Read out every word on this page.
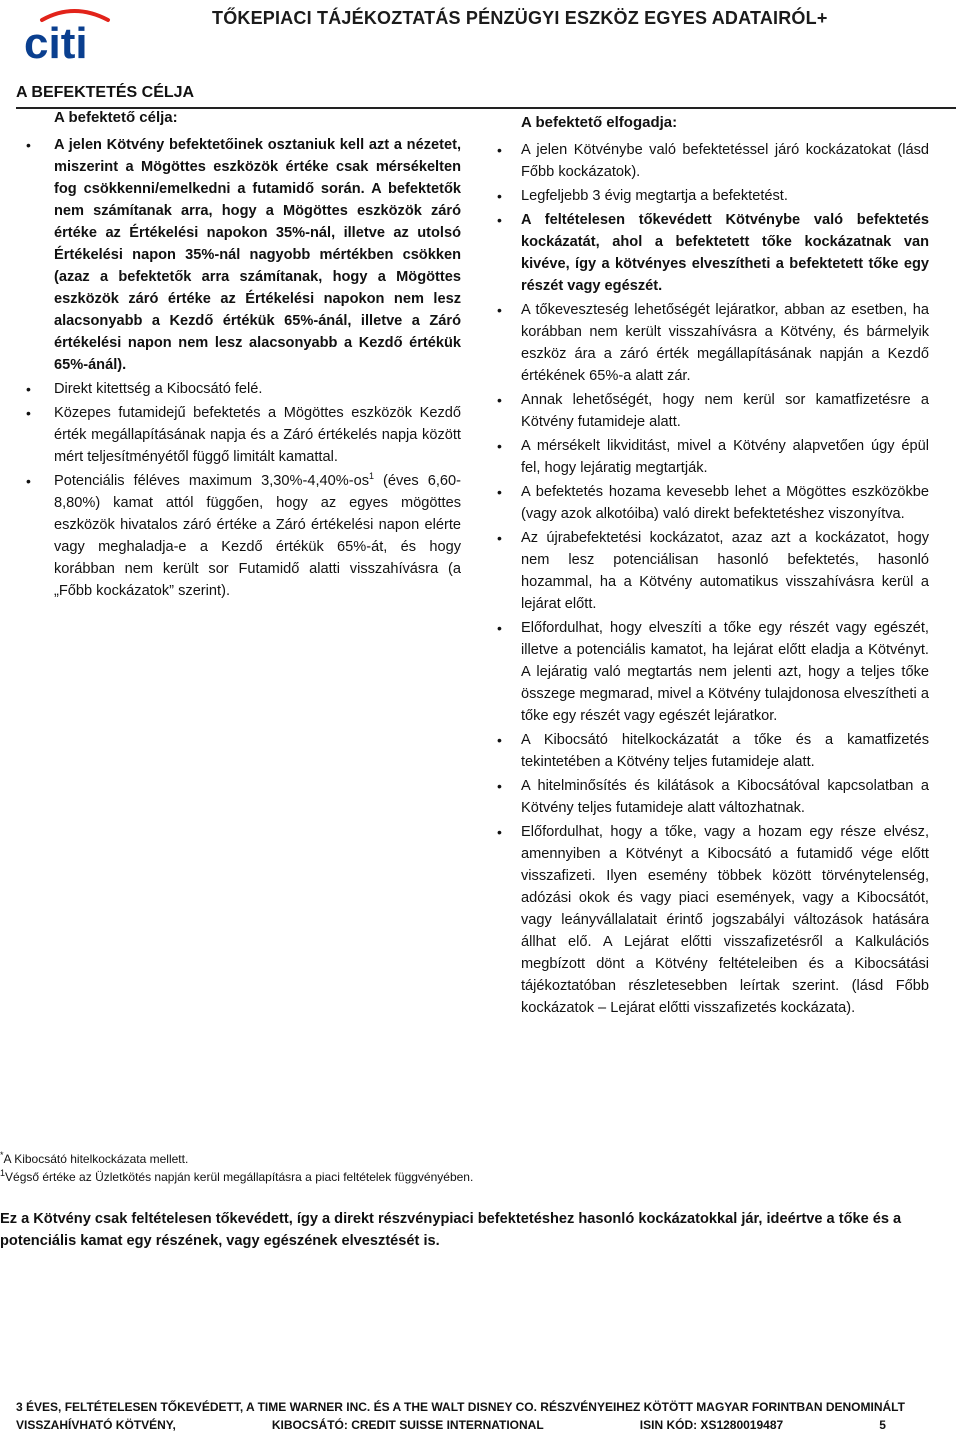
citi
TŐKEPIACI TÁJÉKOZTATÁS PÉNZÜGYI ESZKÖZ EGYES ADATAIRÓL+
A BEFEKTETÉS CÉLJA
A befektető célja:
• A jelen Kötvény befektetőinek osztaniuk kell azt a nézetet, miszerint a Mögöttes eszközök értéke csak mérsékelten fog csökkenni/emelkedni a futamidő során. A befektetők nem számítanak arra, hogy a Mögöttes eszközök záró értéke az Értékelési napokon 35%-nál, illetve az utolsó Értékelési napon 35%-nál nagyobb mértékben csökken (azaz a befektetők arra számítanak, hogy a Mögöttes eszközök záró értéke az Értékelési napokon nem lesz alacsonyabb a Kezdő értékük 65%-ánál, illetve a Záró értékelési napon nem lesz alacsonyabb a Kezdő értékük 65%-ánál).
• Direkt kitettség a Kibocsátó felé.
• Közepes futamidejű befektetés a Mögöttes eszközök Kezdő érték megállapításának napja és a Záró értékelés napja között mért teljesítményétől függő limitált kamattal.
• Potenciális féléves maximum $3,30\%-4,40\%-os^1$ (éves 6,60-8,80%) kamat attól függően, hogy az egyes mögöttes eszközök hivatalos záró értéke a Záró értékelési napon elérte vagy meghaladja-e a Kezdő értékük 65%-át, és hogy korábban nem került sor Futamidő alatti visszahívásra (a „Főbb kockázatok” szerint).
A befektető elfogadja:
• A jelen Kötvénybe való befektetéssel járó kockázatokat (lásd Főbb kockázatok).
• Legfeljebb 3 évig megtartja a befektetést.
• A feltételesen tőkevédett Kötvénybe való befektetés kockázatát, ahol a befektetett tőke kockázatnak van kivéve, így a kötvényes elveszítheti a befektetett tőke egy részét vagy egészét.
• A tőkeveszteség lehetőségét lejáratkor, abban az esetben, ha korábban nem került visszahívásra a Kötvény, és bármelyik eszköz ára a záró érték megállapításának napján a Kezdő értékének 65%-a alatt zár.
• Annak lehetőségét, hogy nem kerül sor kamatfizetésre a Kötvény futamideje alatt.
• A mérsékelt likviditást, mivel a Kötvény alapvetően úgy épül fel, hogy lejáratig megtartják.
• A befektetés hozama kevesebb lehet a Mögöttes eszközökbe (vagy azok alkotóiba) való direkt befektetéshez viszonyítva.
• Az újrabefektetési kockázatot, azaz azt a kockázatot, hogy nem lesz potenciálisan hasonló befektetés, hasonló hozammal, ha a Kötvény automatikus visszahívásra kerül a lejárat előtt.
• Előfordulhat, hogy elveszíti a tőke egy részét vagy egészét, illetve a potenciális kamatot, ha lejárat előtt eladja a Kötvényt. A lejáratig való megtartás nem jelenti azt, hogy a teljes tőke összege megmarad, mivel a Kötvény tulajdonosa elveszítheti a tőke egy részét vagy egészét lejáratkor.
• A Kibocsátó hitelkockázatát a tőke és a kamatfizetés tekintetében a Kötvény teljes futamideje alatt.
• A hitelminősítés és kilátások a Kibocsátóval kapcsolatban a Kötvény teljes futamideje alatt változhatnak.
• Előfordulhat, hogy a tőke, vagy a hozam egy része elvész, amennyiben a Kötvényt a Kibocsátó a futamidő vége előtt visszafizeti. Ilyen esemény többek között törvénytelenség, adózási okok és vagy piaci események, vagy a Kibocsátót, vagy leányvállalatait érintő jogszabályi változások hatására állhat elő. A Lejárat előtti visszafizetésről a Kalkulációs megbízott dönt a Kötvény feltételeiben és a Kibocsátási tájékoztatóban részletesebben leírtak szerint. (lásd Főbb kockázatok – Lejárat előtti visszafizetés kockázata).
*A Kibocsátó hitelkockázata mellett.
$^1$Végső értéke az Üzletkötés napján kerül megállapításra a piaci feltételek függvényében.
Ez a Kötvény csak feltételesen tőkevédett, így a direkt részvénypiaci befektetéshez hasonló kockázatokkal jár, ideértve a tőke és a potenciális kamat egy részének, vagy egészének elvesztését is.
3 ÉVES, FELTÉTELESEN TŐKEVÉDETT, A TIME WARNER INC. ÉS A THE WALT DISNEY CO. RÉSZVÉNYEIHEZ KÖTÖTT MAGYAR FORINTBAN DENOMINÁLT
VISSZAHÍVHATÓ KÖTVÉNY,	KIBOCSÁTÓ: CREDIT SUISSE INTERNATIONAL	ISIN KÓD: XS1280019487	5
